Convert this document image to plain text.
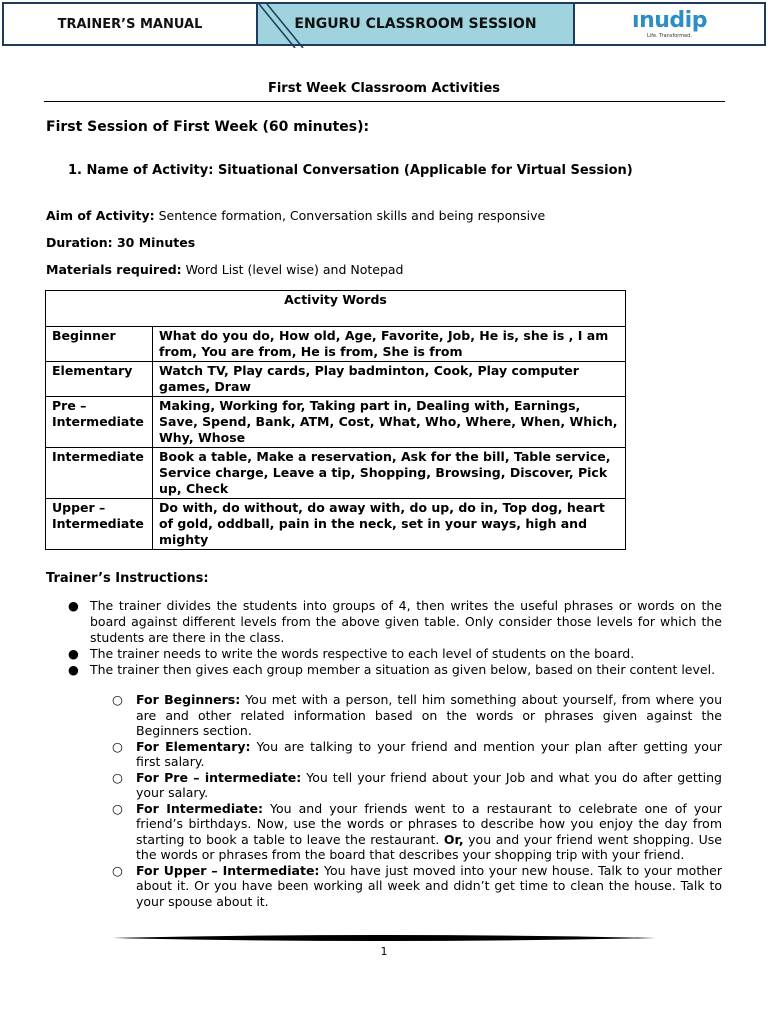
TRAINER’S MANUAL	ENGURU CLASSROOM SESSION	ınudip
Life. Transformed.
First Week Classroom Activities
First Session of First Week (60 minutes):
1. Name of Activity: Situational Conversation (Applicable for Virtual Session)
Aim of Activity: Sentence formation, Conversation skills and being responsive
Duration: 30 Minutes
Materials required: Word List (level wise) and Notepad
Activity Words	
Beginner	What do you do, How old, Age, Favorite, Job, He is, she is , I am from, You are from, He is from, She is from
Elementary	Watch TV, Play cards, Play badminton, Cook, Play computer games, Draw
Pre – Intermediate	Making, Working for, Taking part in, Dealing with, Earnings, Save, Spend, Bank, ATM, Cost, What, Who, Where, When, Which, Why, Whose
Intermediate	Book a table, Make a reservation, Ask for the bill, Table service, Service charge, Leave a tip, Shopping, Browsing, Discover, Pick up, Check
Upper – Intermediate	Do with, do without, do away with, do up, do in, Top dog, heart of gold, oddball, pain in the neck, set in your ways, high and mighty
Trainer’s Instructions:
● The trainer divides the students into groups of 4, then writes the useful phrases or words on the board against different levels from the above given table. Only consider those levels for which the students are there in the class.
● The trainer needs to write the words respective to each level of students on the board.
● The trainer then gives each group member a situation as given below, based on their content level.
○ For Beginners: You met with a person, tell him something about yourself, from where you are and other related information based on the words or phrases given against the Beginners section.
○ For Elementary: You are talking to your friend and mention your plan after getting your first salary.
○ For Pre – intermediate: You tell your friend about your Job and what you do after getting your salary.
○ For Intermediate: You and your friends went to a restaurant to celebrate one of your friend’s birthdays. Now, use the words or phrases to describe how you enjoy the day from starting to book a table to leave the restaurant. Or, you and your friend went shopping. Use the words or phrases from the board that describes your shopping trip with your friend.
○ For Upper – Intermediate: You have just moved into your new house. Talk to your mother about it. Or you have been working all week and didn’t get time to clean the house. Talk to your spouse about it.
1
